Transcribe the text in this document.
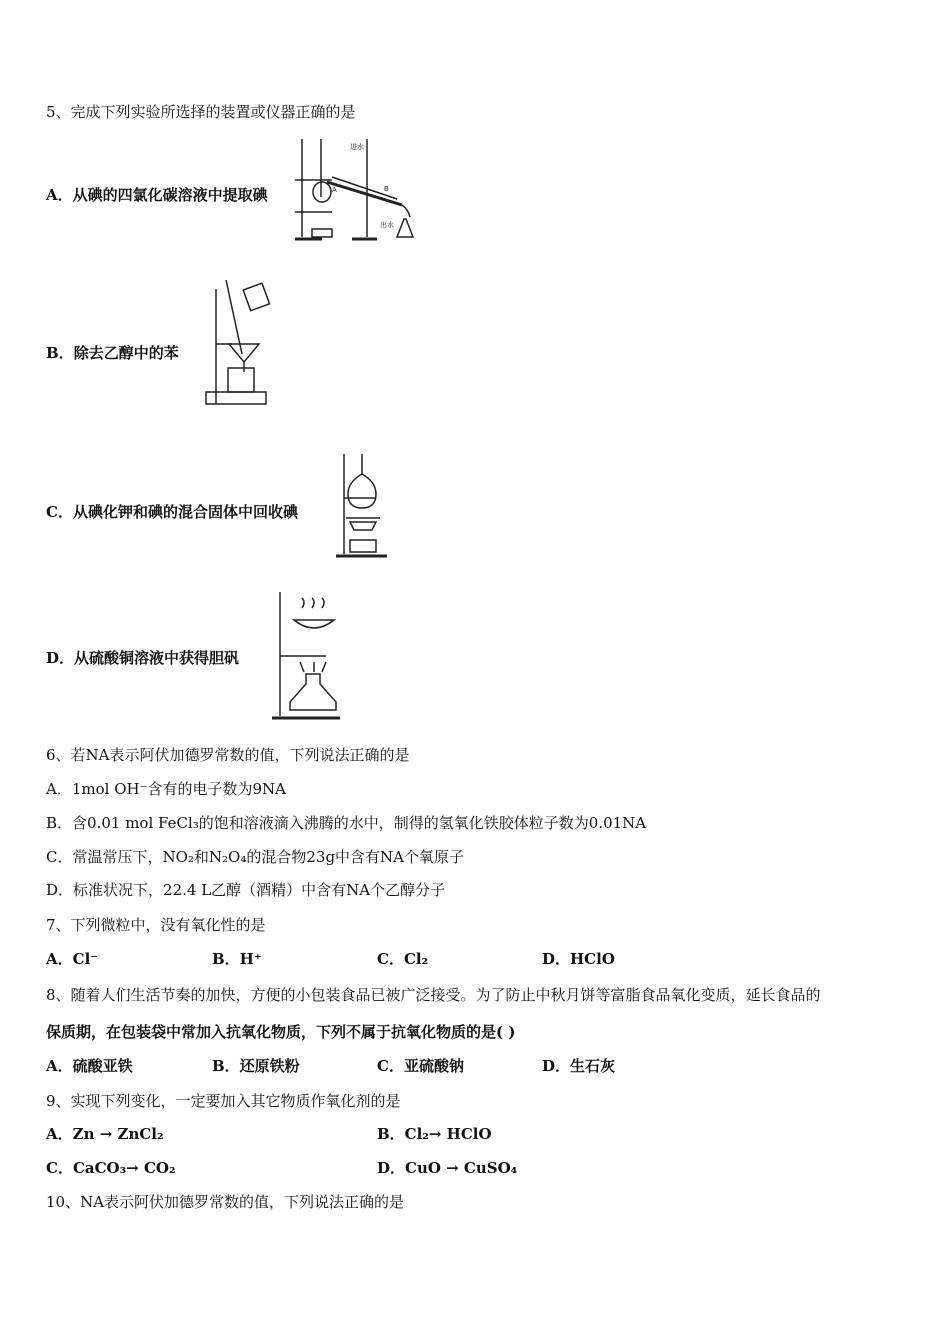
5、完成下列实验所选择的装置或仪器正确的是
A．从碘的四氯化碳溶液中提取碘
进水
出水
A	B
B．除去乙醇中的苯
C．从碘化钾和碘的混合固体中回收碘
D．从硫酸铜溶液中获得胆矾
6、若NA表示阿伏加德罗常数的值，下列说法正确的是
A．1mol OH⁻含有的电子数为9NA
B．含0.01 mol FeCl₃的饱和溶液滴入沸腾的水中，制得的氢氧化铁胶体粒子数为0.01NA
C．常温常压下，NO₂和N₂O₄的混合物23g中含有NA个氧原子
D．标准状况下，22.4 L乙醇（酒精）中含有NA个乙醇分子
7、下列微粒中，没有氧化性的是
A．Cl⁻	B．H⁺	C．Cl₂	D．HClO
8、随着人们生活节奏的加快，方便的小包装食品已被广泛接受。为了防止中秋月饼等富脂食品氧化变质，延长食品的
保质期，在包装袋中常加入抗氧化物质，下列不属于抗氧化物质的是( )
A．硫酸亚铁	B．还原铁粉	C．亚硫酸钠	D．生石灰
9、实现下列变化，一定要加入其它物质作氧化剂的是
A．Zn → ZnCl₂	B．Cl₂→ HClO
C．CaCO₃→ CO₂	D．CuO → CuSO₄
10、NA表示阿伏加德罗常数的值，下列说法正确的是
